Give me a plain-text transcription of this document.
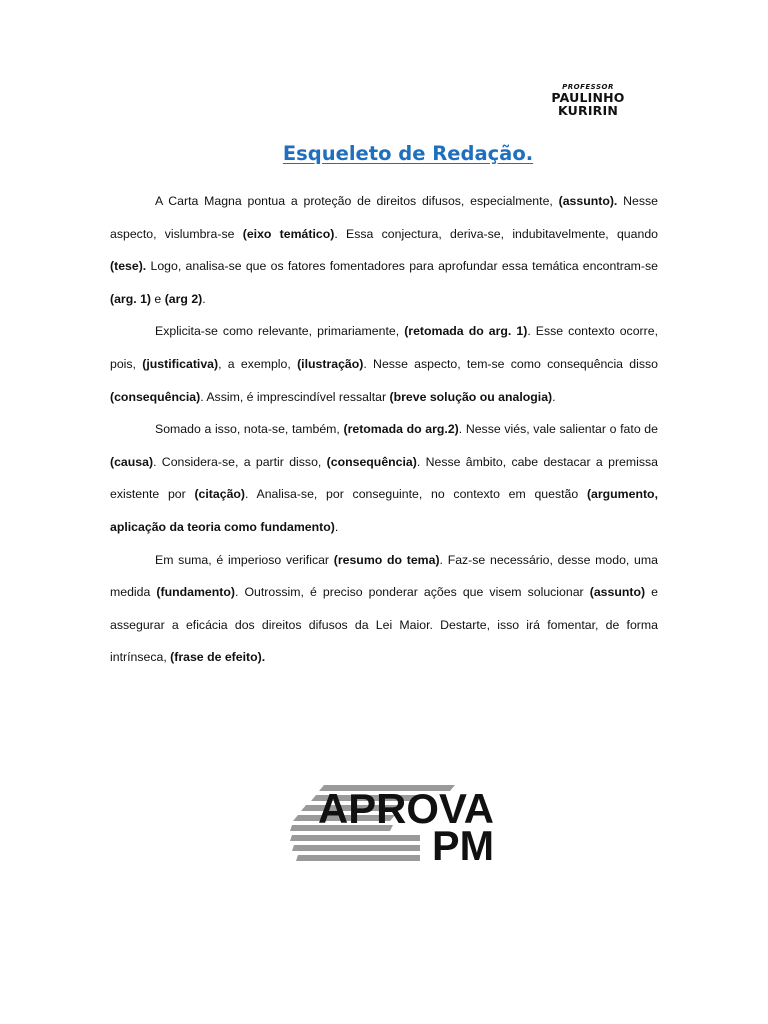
PROFESSOR
PAULINHO KURIRIN
Esqueleto de Redação.

A Carta Magna pontua a proteção de direitos difusos, especialmente, (assunto). Nesse aspecto, vislumbra-se (eixo temático). Essa conjectura, deriva-se, indubitavelmente, quando (tese). Logo, analisa-se que os fatores fomentadores para aprofundar essa temática encontram-se (arg. 1) e (arg 2).

Explicita-se como relevante, primariamente, (retomada do arg. 1). Esse contexto ocorre, pois, (justificativa), a exemplo, (ilustração). Nesse aspecto, tem-se como consequência disso (consequência). Assim, é imprescindível ressaltar (breve solução ou analogia).

Somado a isso, nota-se, também, (retomada do arg.2). Nesse viés, vale salientar o fato de (causa). Considera-se, a partir disso, (consequência). Nesse âmbito, cabe destacar a premissa existente por (citação). Analisa-se, por conseguinte, no contexto em questão (argumento, aplicação da teoria como fundamento).

Em suma, é imperioso verificar (resumo do tema). Faz-se necessário, desse modo, uma medida (fundamento). Outrossim, é preciso ponderar ações que visem solucionar (assunto) e assegurar a eficácia dos direitos difusos da Lei Maior. Destarte, isso irá fomentar, de forma intrínseca, (frase de efeito).

APROVA
PM
